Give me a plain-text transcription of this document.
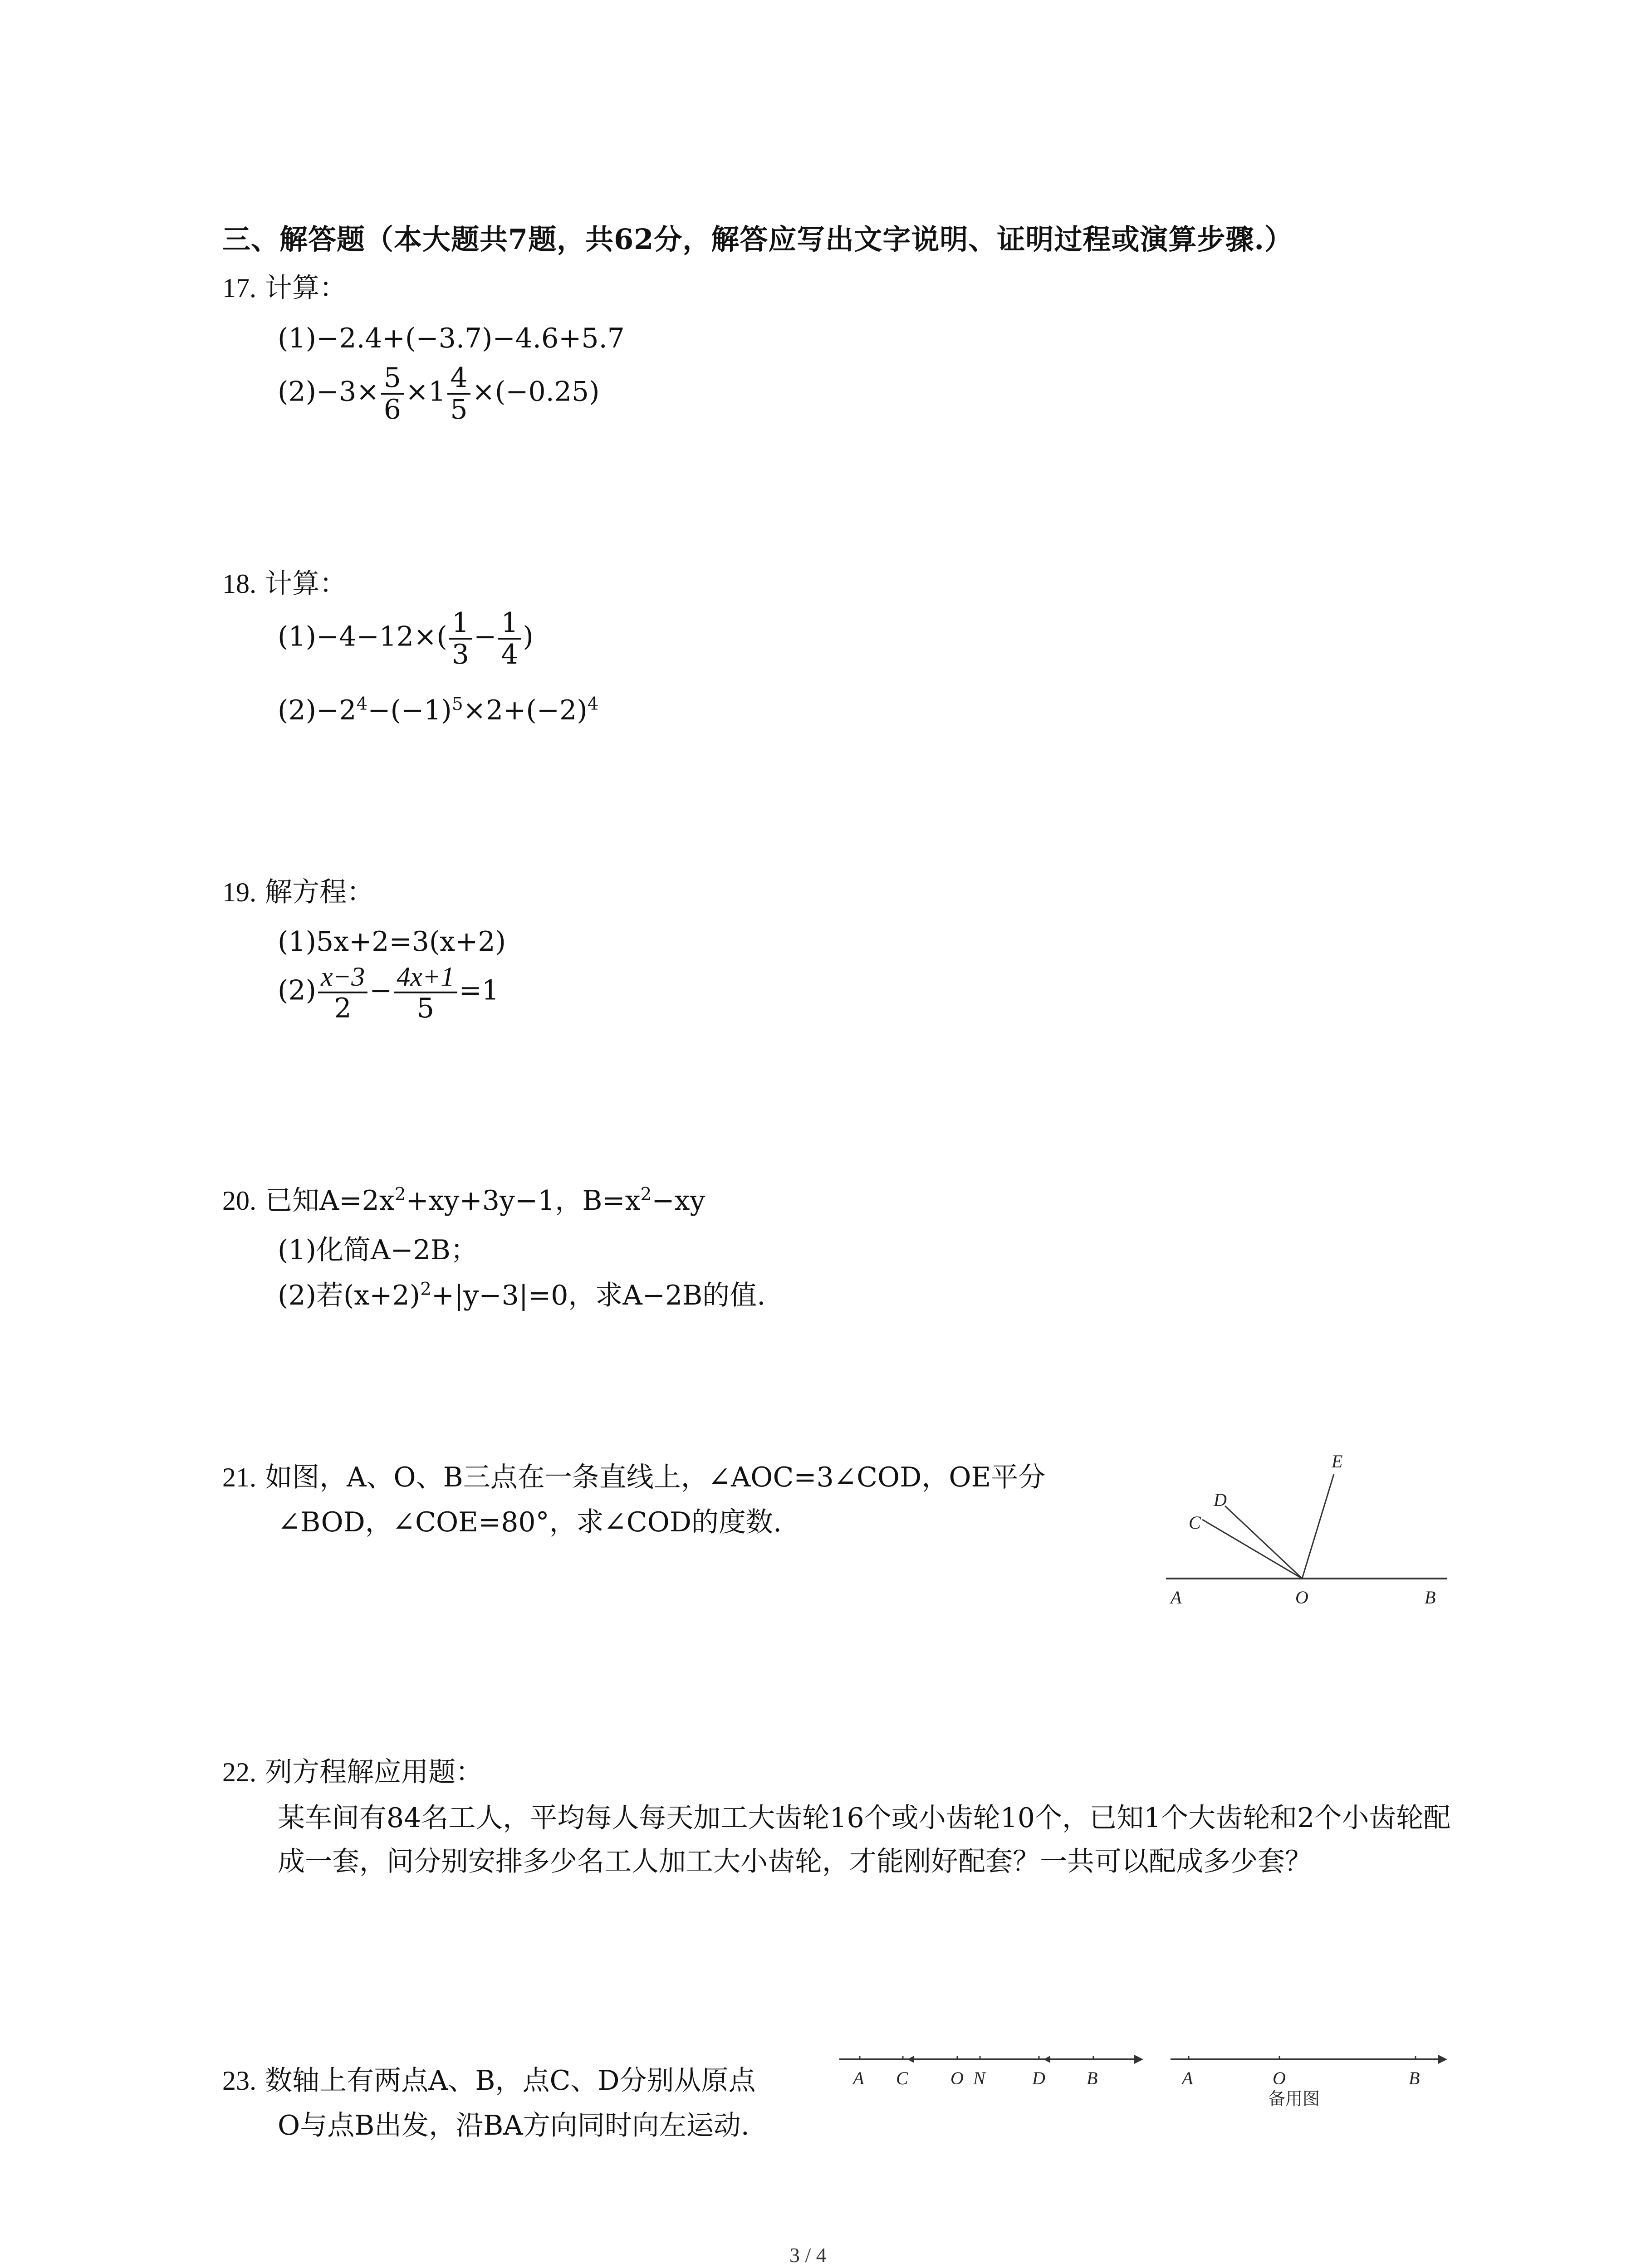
三、解答题（本大题共7题，共62分，解答应写出文字说明、证明过程或演算步骤.）
17. 计算：
(1)−2.4+(−3.7)−4.6+5.7
$(2)-3\times \frac{5}{6} \times 1 \frac{4}{5} \times(-0.25)$
18. 计算：
$(1)-4-12\times( \frac{1}{3} - \frac{1}{4}$ )
$(2)-2^4-(-1)^5\times 2+(-2)^4$
19. 解方程：
(1)5x+2=3(x+2)
$(2) \frac{x-3}{2} - \frac{4x+1}{5} =1$
20. 已知$A=2x^2+xy+3y-1$，$B=x^2-xy$
(1)化简A−2B；
(2)若$(x+2)^2+|y-3|=0$，求A−2B的值.
21. 如图，A、O、B三点在一条直线上，∠AOC=3∠COD，OE平分
∠BOD，∠COE=80°，求∠COD的度数.
A	O	B
C
D
E
22. 列方程解应用题：
某车间有84名工人，平均每人每天加工大齿轮16个或小齿轮10个，已知1个大齿轮和2个小齿轮配成一套，问分别安排多少名工人加工大小齿轮，才能刚好配套？一共可以配成多少套？
23. 数轴上有两点A、B，点C、D分别从原点
O与点B出发，沿BA方向同时向左运动.
A C O N	D B	A	O	B
备用图
3 / 4
